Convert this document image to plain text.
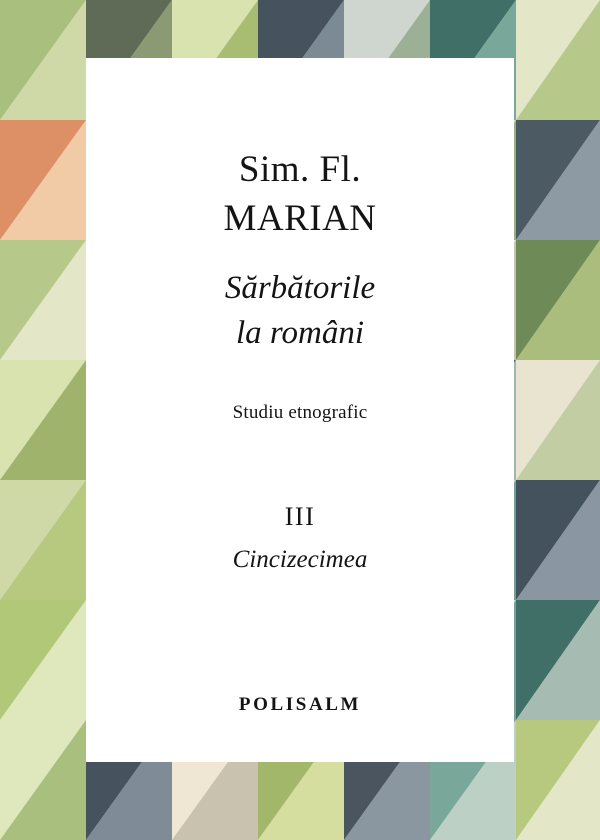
Sim. Fl.
MARIAN
Sărbătorile
la români
Studiu etnografic
III
Cincizecimea
POLISALM
